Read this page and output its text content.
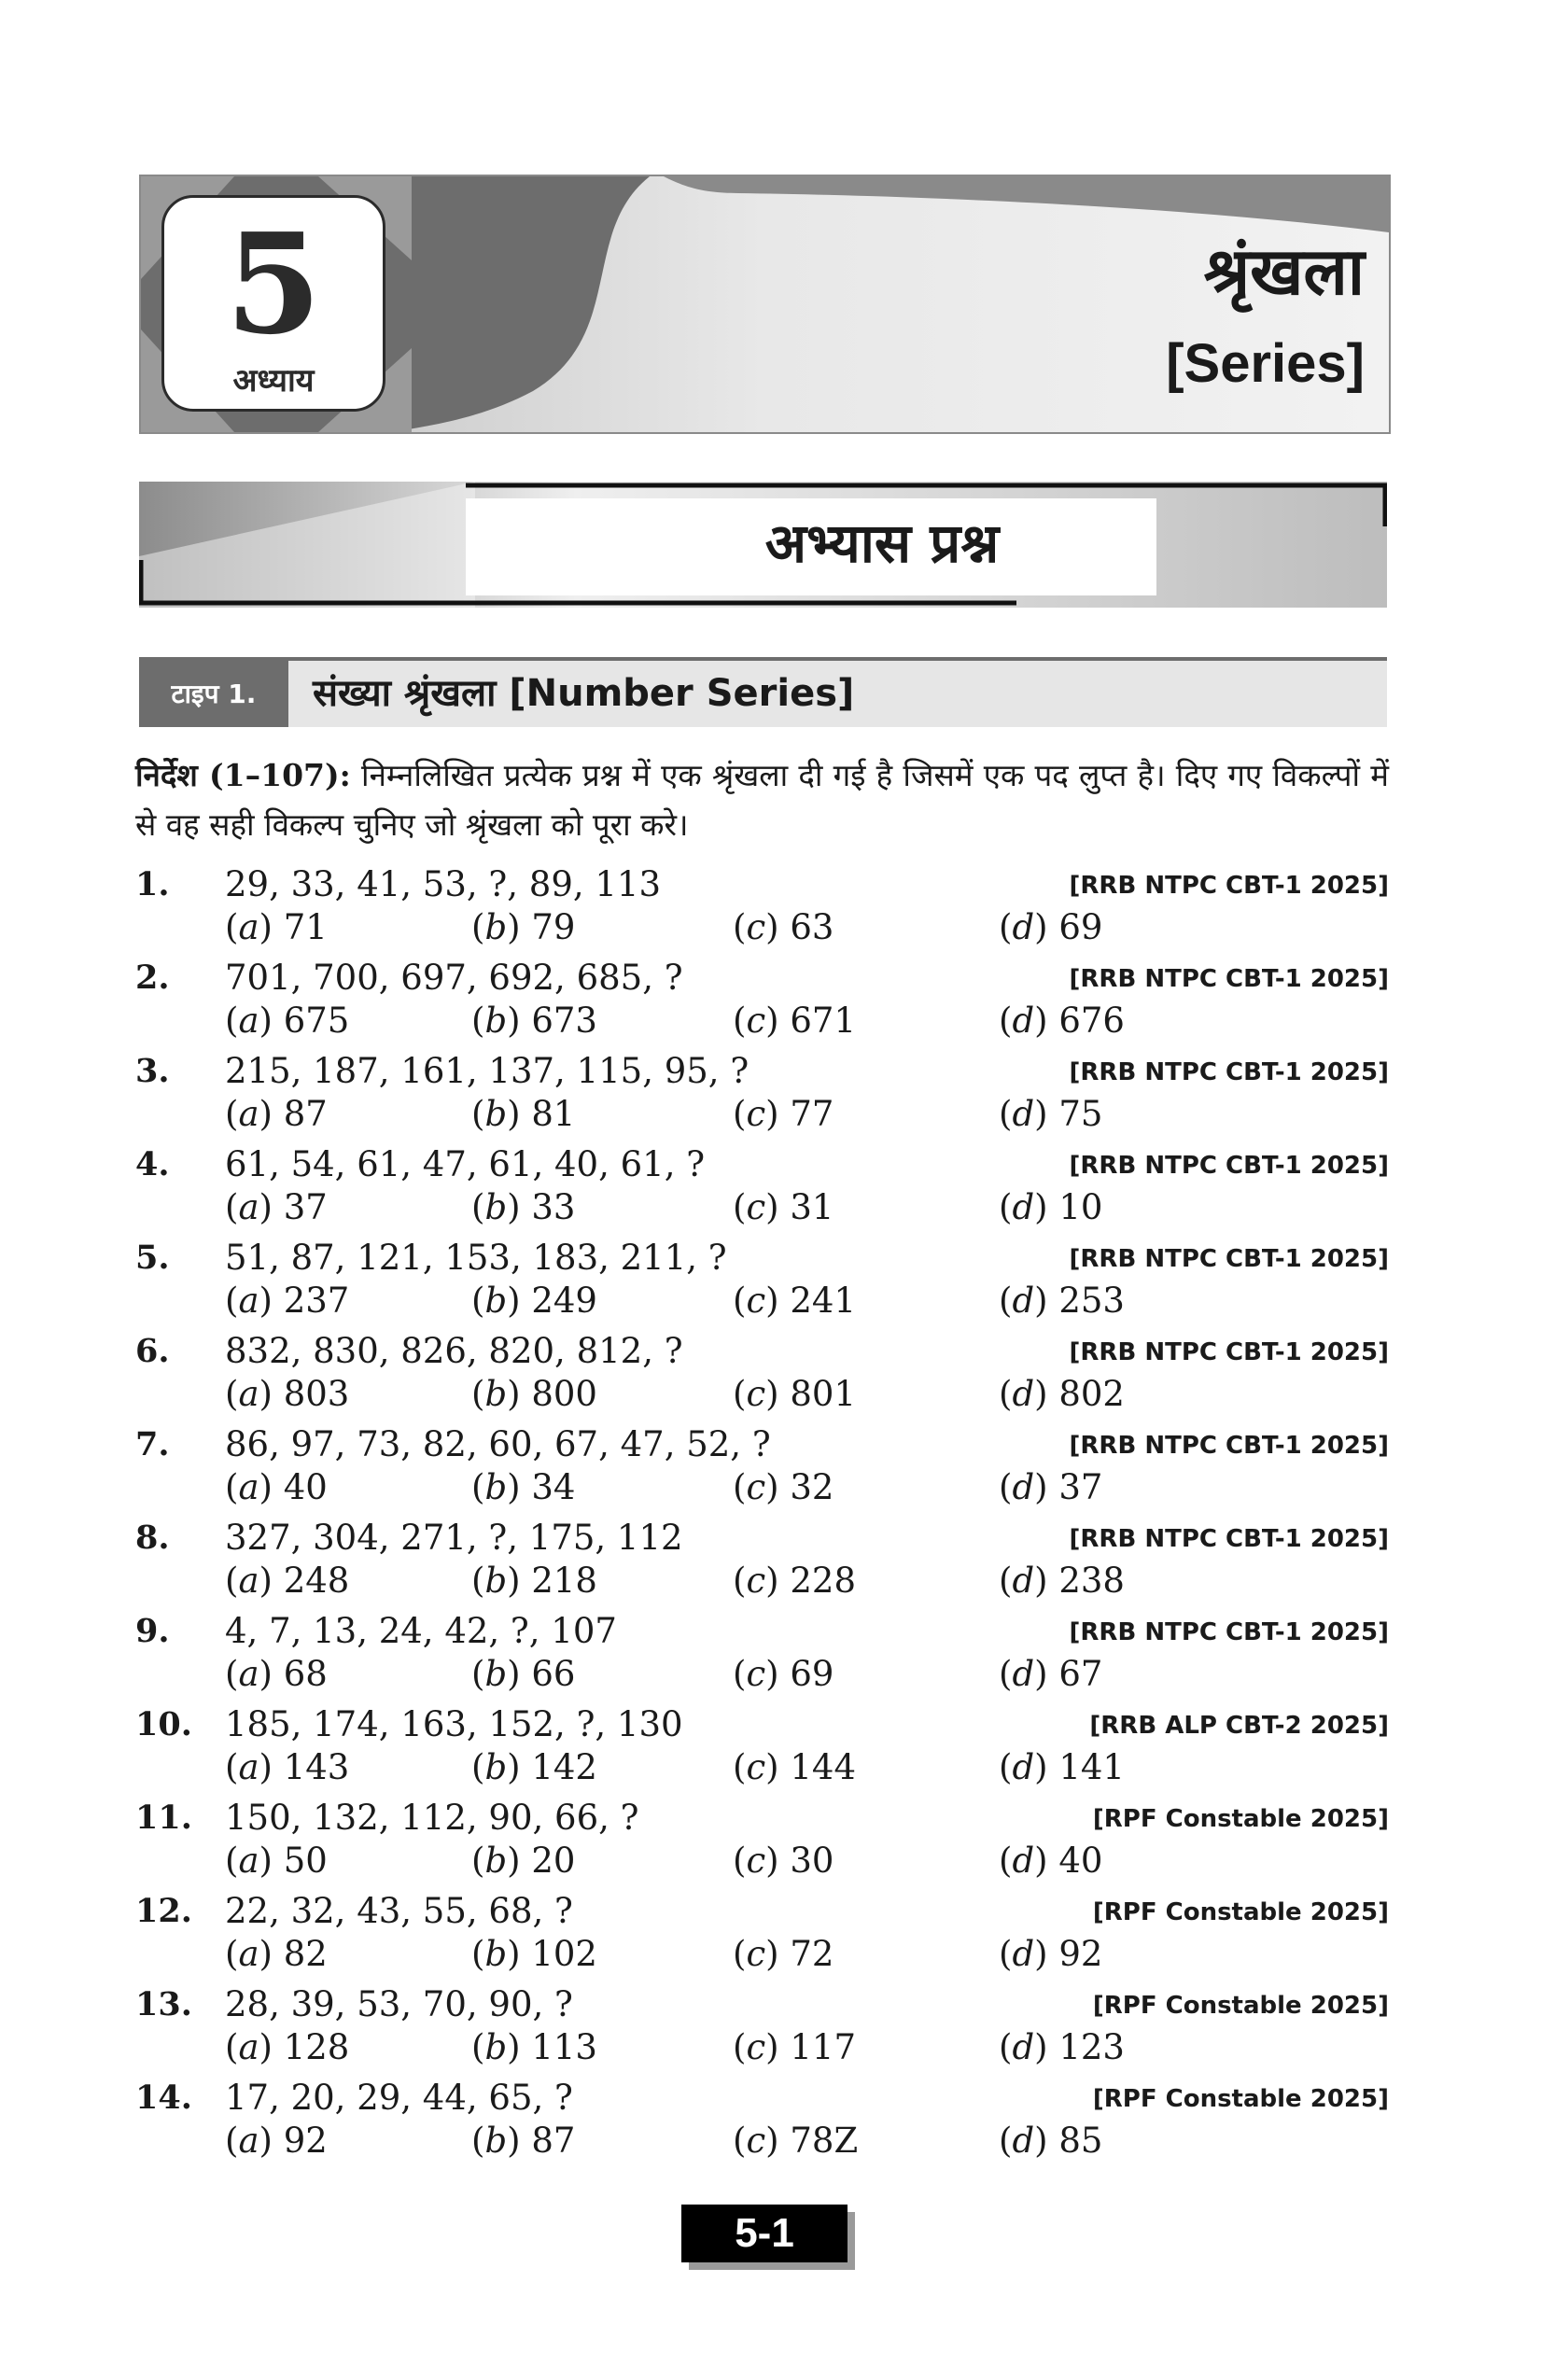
5
अध्याय
श्रृंखला
[Series]
अभ्यास प्रश्न
टाइप 1.	संख्या श्रृंखला [Number Series]
निर्देश (1–107): निम्नलिखित प्रत्येक प्रश्न में एक श्रृंखला दी गई है जिसमें एक पद लुप्त है। दिए गए विकल्पों में से वह सही विकल्प चुनिए जो श्रृंखला को पूरा करे।
1.	29, 33, 41, 53, ?, 89, 113	[RRB NTPC CBT-1 2025]
(a) 71	(b) 79	(c) 63	(d) 69
2.	701, 700, 697, 692, 685, ?	[RRB NTPC CBT-1 2025]
(a) 675	(b) 673	(c) 671	(d) 676
3.	215, 187, 161, 137, 115, 95, ?	[RRB NTPC CBT-1 2025]
(a) 87	(b) 81	(c) 77	(d) 75
4.	61, 54, 61, 47, 61, 40, 61, ?	[RRB NTPC CBT-1 2025]
(a) 37	(b) 33	(c) 31	(d) 10
5.	51, 87, 121, 153, 183, 211, ?	[RRB NTPC CBT-1 2025]
(a) 237	(b) 249	(c) 241	(d) 253
6.	832, 830, 826, 820, 812, ?	[RRB NTPC CBT-1 2025]
(a) 803	(b) 800	(c) 801	(d) 802
7.	86, 97, 73, 82, 60, 67, 47, 52, ?	[RRB NTPC CBT-1 2025]
(a) 40	(b) 34	(c) 32	(d) 37
8.	327, 304, 271, ?, 175, 112	[RRB NTPC CBT-1 2025]
(a) 248	(b) 218	(c) 228	(d) 238
9.	4, 7, 13, 24, 42, ?, 107	[RRB NTPC CBT-1 2025]
(a) 68	(b) 66	(c) 69	(d) 67
10. 185, 174, 163, 152, ?, 130	[RRB ALP CBT-2 2025]
(a) 143	(b) 142	(c) 144	(d) 141
11. 150, 132, 112, 90, 66, ?	[RPF Constable 2025]
(a) 50	(b) 20	(c) 30	(d) 40
12. 22, 32, 43, 55, 68, ?	[RPF Constable 2025]
(a) 82	(b) 102	(c) 72	(d) 92
13. 28, 39, 53, 70, 90, ?	[RPF Constable 2025]
(a) 128	(b) 113	(c) 117	(d) 123
14. 17, 20, 29, 44, 65, ?	[RPF Constable 2025]
(a) 92	(b) 87	(c) 78Z	(d) 85
5-1
